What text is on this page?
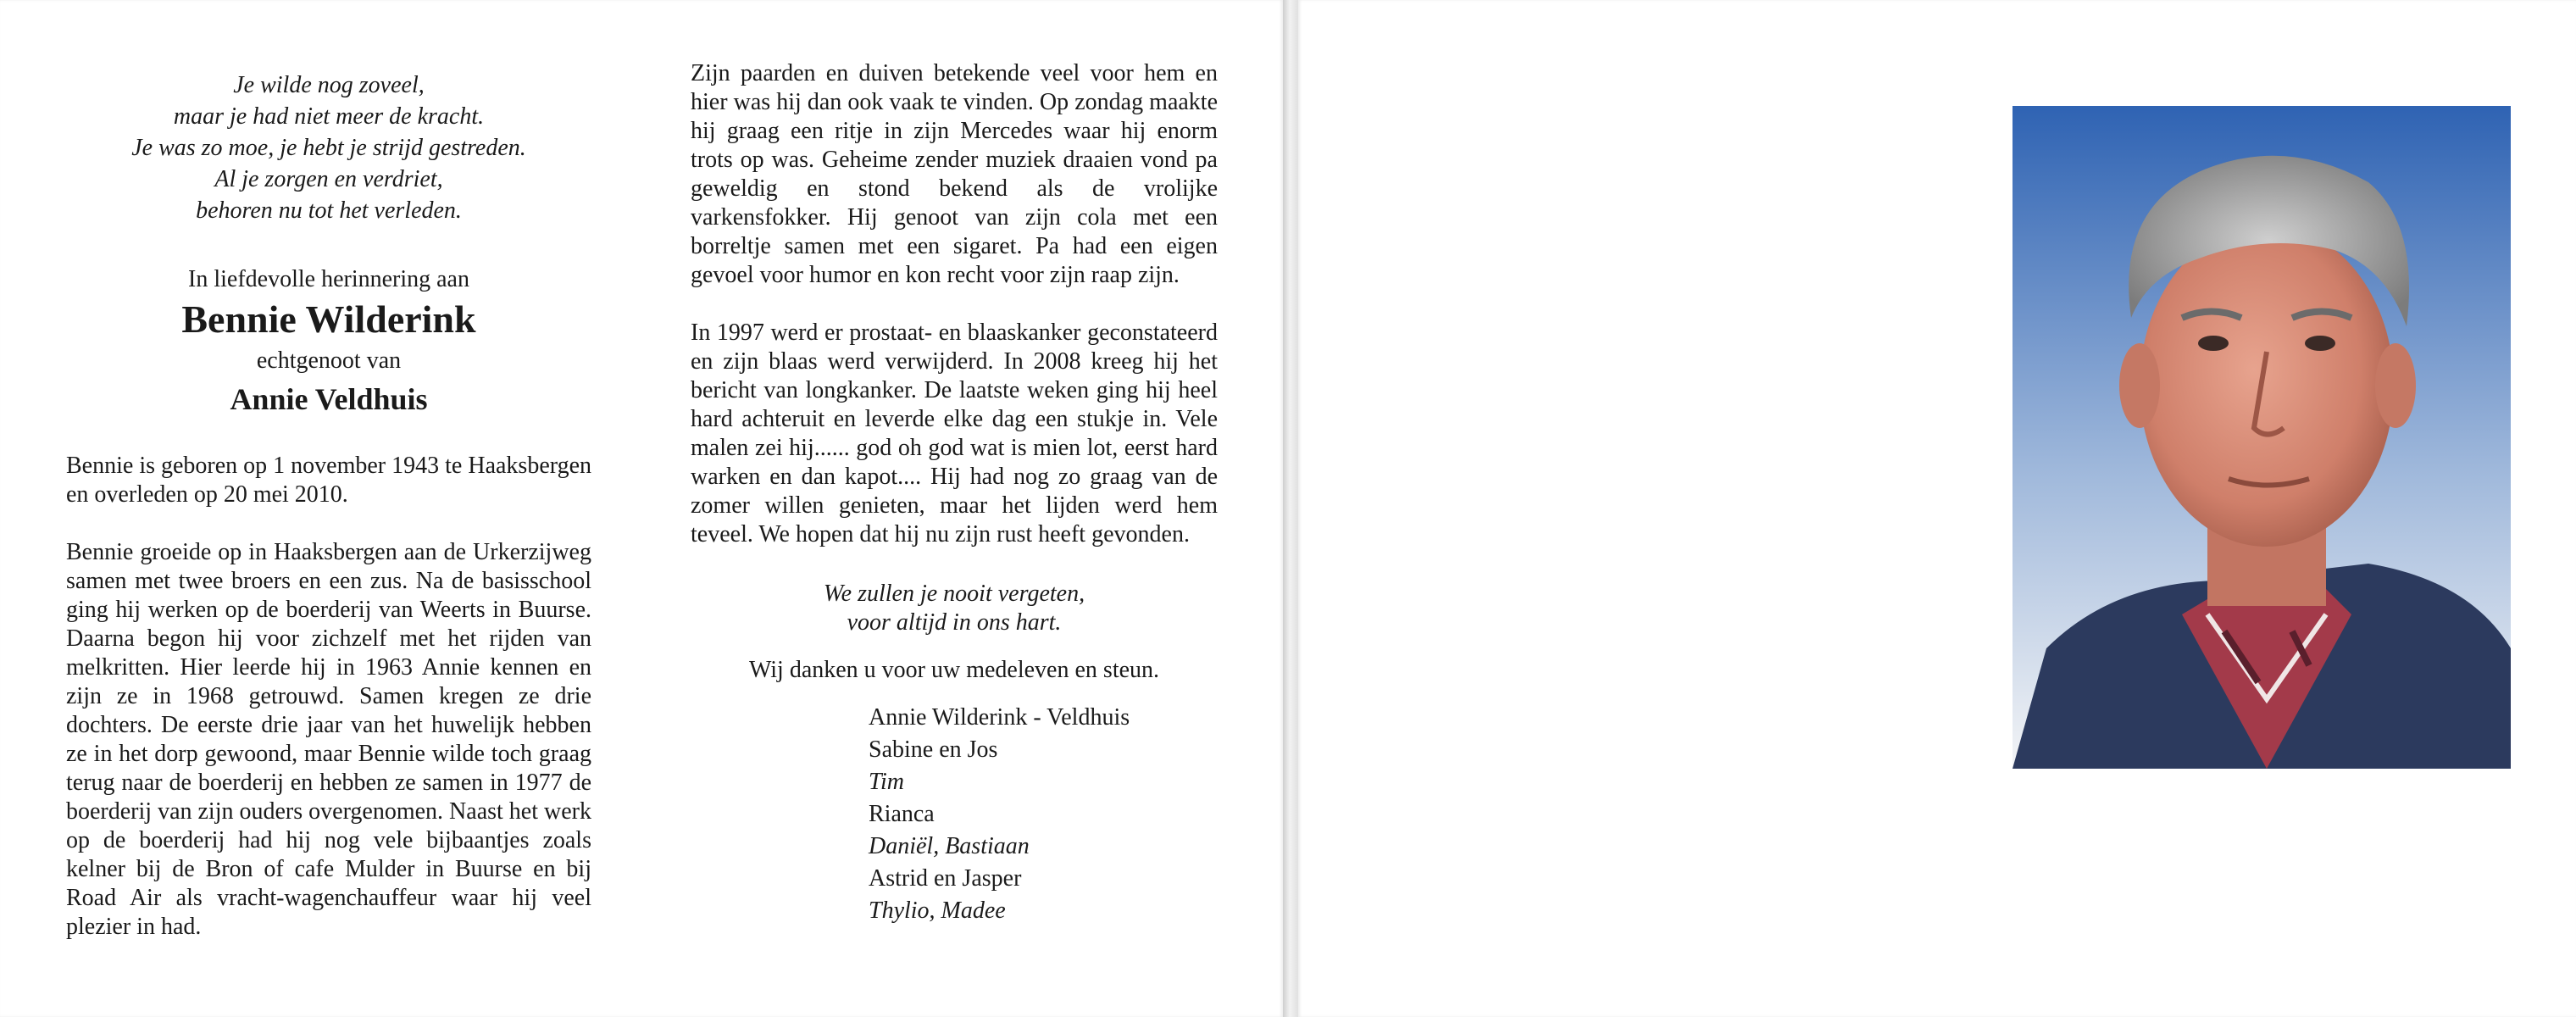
Je wilde nog zoveel,
maar je had niet meer de kracht.
Je was zo moe, je hebt je strijd gestreden.
Al je zorgen en verdriet,
behoren nu tot het verleden.
In liefdevolle herinnering aan
Bennie Wilderink
echtgenoot van
Annie Veldhuis

Bennie is geboren op 1 november 1943 te Haaksbergen en overleden op 20 mei 2010.

Bennie groeide op in Haaksbergen aan de Urkerzijweg samen met twee broers en een zus. Na de basisschool ging hij werken op de boerderij van Weerts in Buurse. Daarna begon hij voor zichzelf met het rijden van melkritten. Hier leerde hij in 1963 Annie kennen en zijn ze in 1968 getrouwd. Samen kregen ze drie dochters. De eerste drie jaar van het huwelijk hebben ze in het dorp gewoond, maar Bennie wilde toch graag terug naar de boerderij en hebben ze samen in 1977 de boerderij van zijn ouders overgenomen. Naast het werk op de boerderij had hij nog vele bijbaantjes zoals kelner bij de Bron of cafe Mulder in Buurse en bij Road Air als vracht-wagenchauffeur waar hij veel plezier in had.

Zijn paarden en duiven betekende veel voor hem en hier was hij dan ook vaak te vinden. Op zondag maakte hij graag een ritje in zijn Mercedes waar hij enorm trots op was. Geheime zender muziek draaien vond pa geweldig en stond bekend als de vrolijke varkensfokker. Hij genoot van zijn cola met een borreltje samen met een sigaret. Pa had een eigen gevoel voor humor en kon recht voor zijn raap zijn.

In 1997 werd er prostaat- en blaaskanker geconstateerd en zijn blaas werd verwijderd. In 2008 kreeg hij het bericht van longkanker. De laatste weken ging hij heel hard achteruit en leverde elke dag een stukje in. Vele malen zei hij...... god oh god wat is mien lot, eerst hard warken en dan kapot.... Hij had nog zo graag van de zomer willen genieten, maar het lijden werd hem teveel. We hopen dat hij nu zijn rust heeft gevonden.

We zullen je nooit vergeten,
voor altijd in ons hart.
Wij danken u voor uw medeleven en steun.
Annie Wilderink - Veldhuis
Sabine en Jos
Tim
Rianca
Daniël, Bastiaan
Astrid en Jasper
Thylio, Madee
